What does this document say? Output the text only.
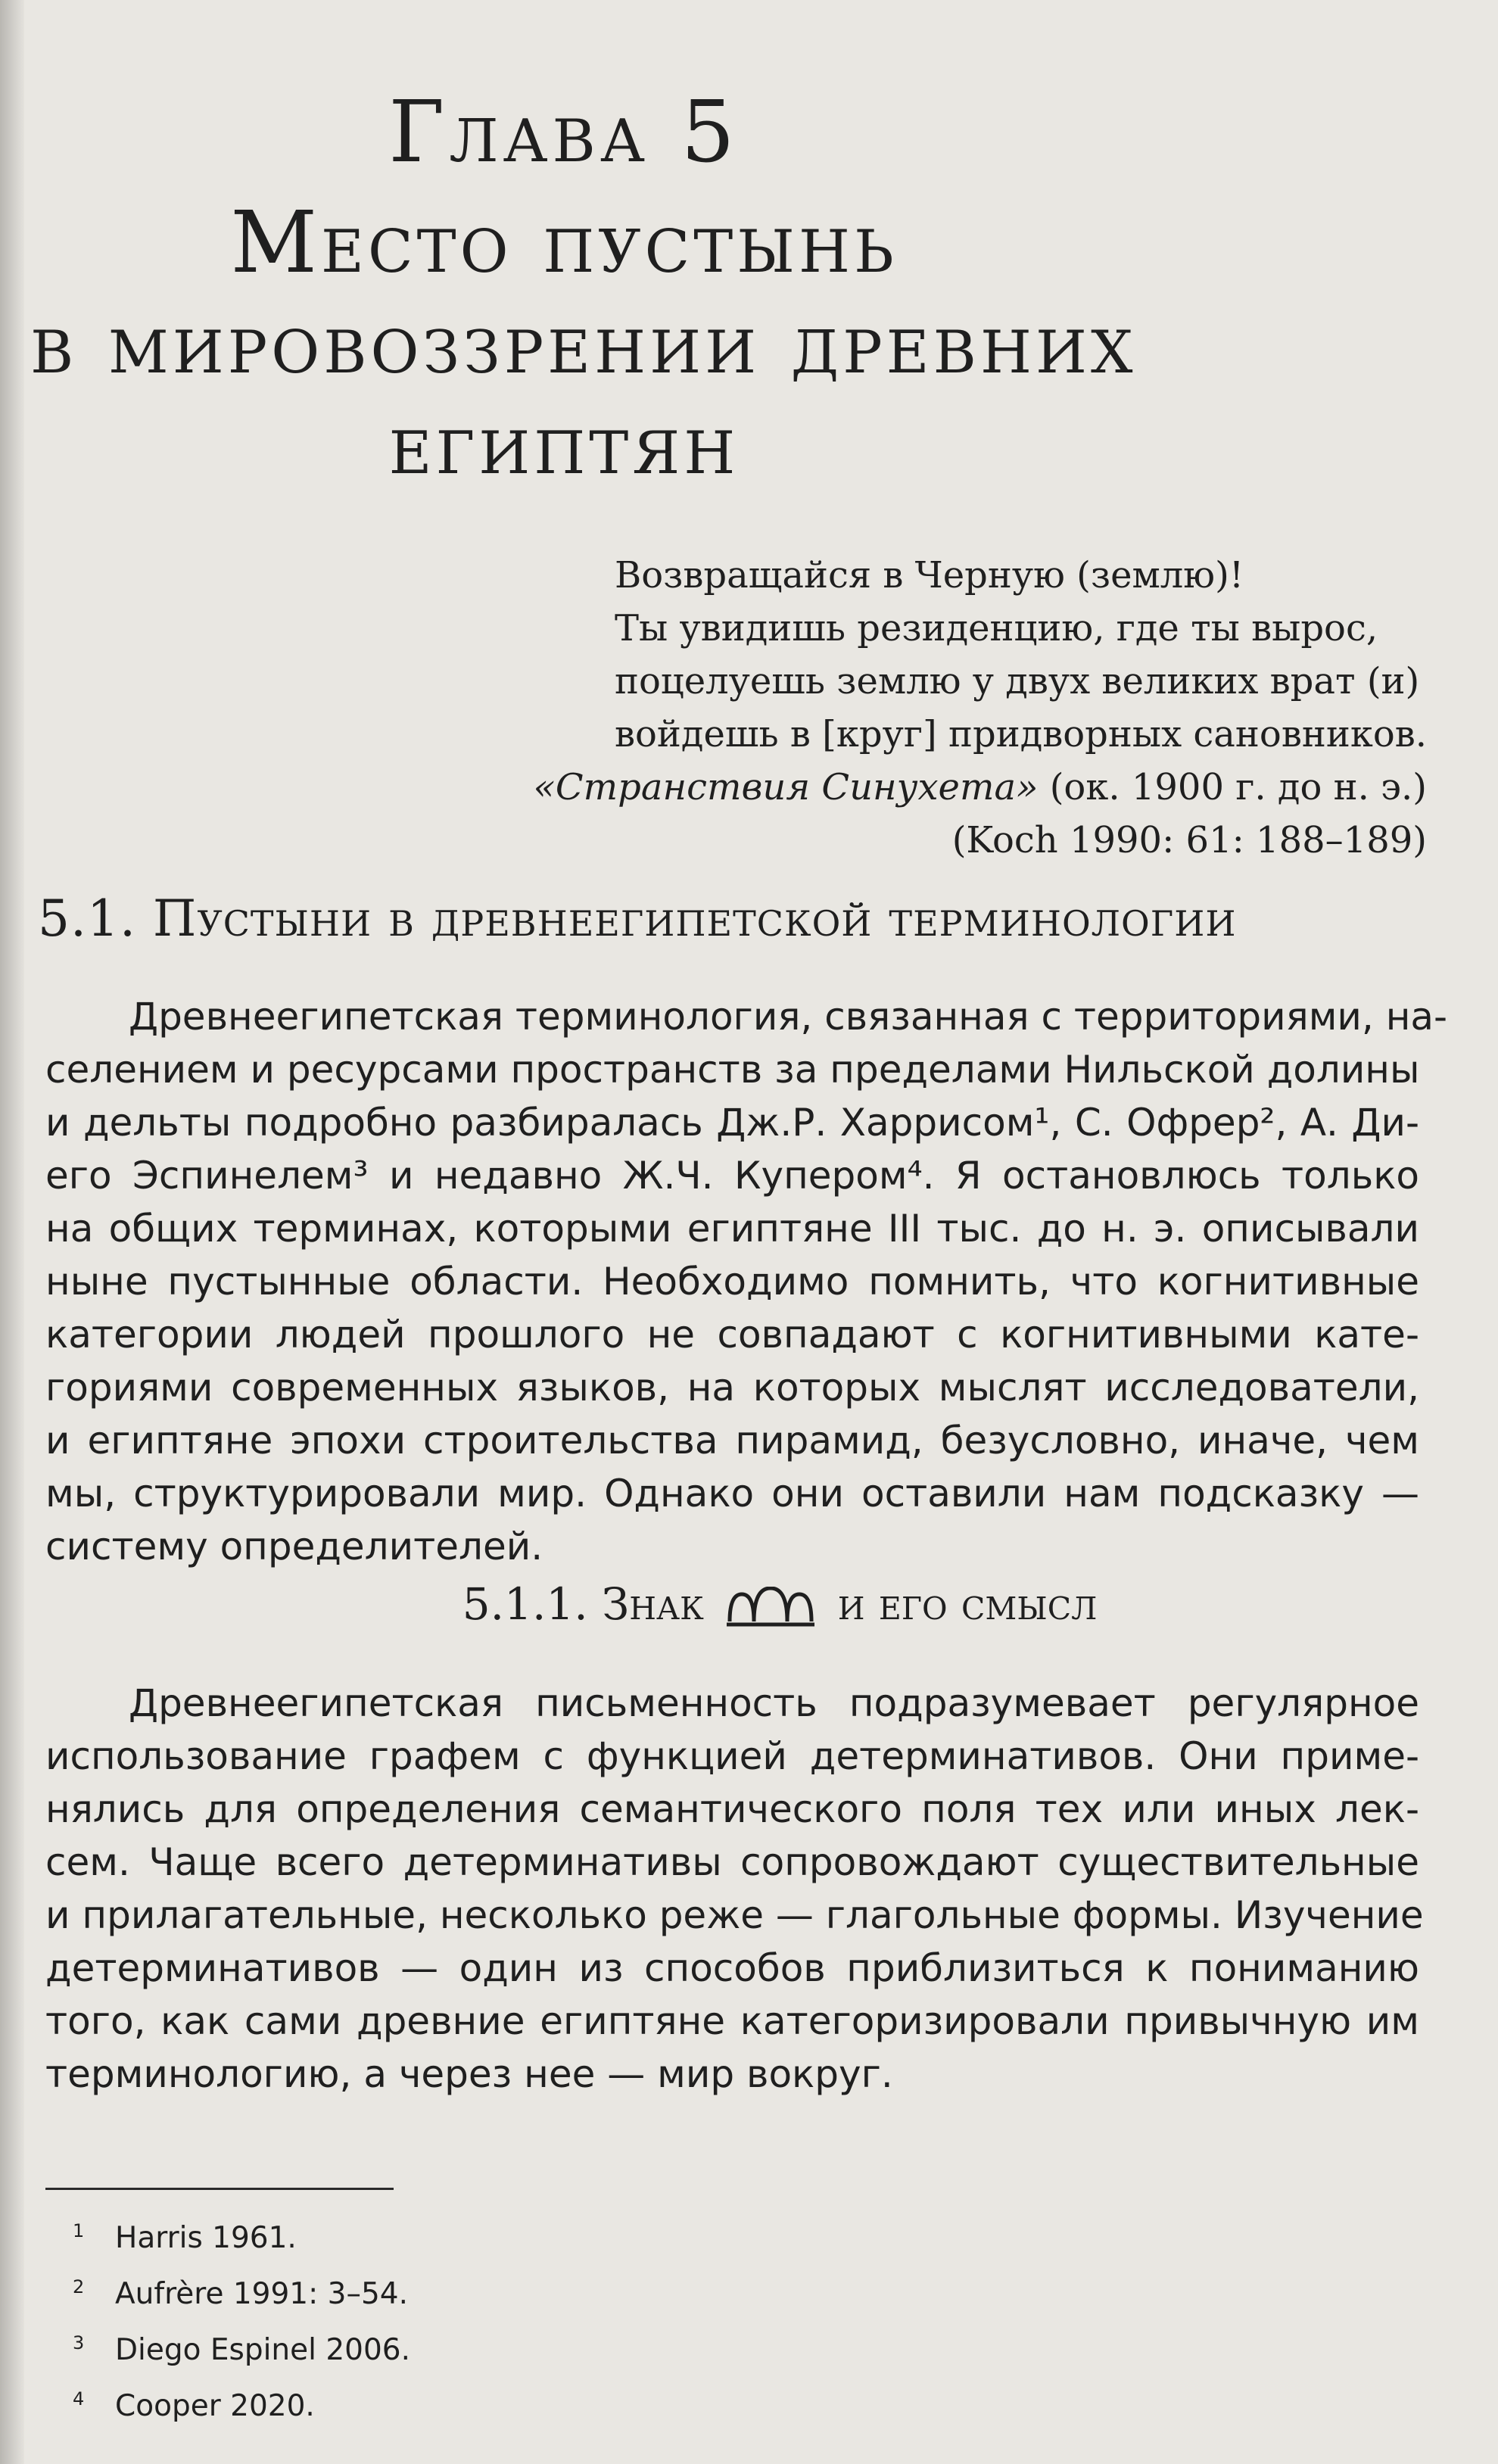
Глава 5
Место пустынь
в мировоззрении древних
египтян
Возвращайся в Черную (землю)!
Ты увидишь резиденцию, где ты вырос,
поцелуешь землю у двух великих врат (и)
войдешь в [круг] придворных сановников.
«Странствия Синухета» (ок. 1900 г. до н. э.)
(Koch 1990: 61: 188–189)
5.1. Пустыни в древнеегипетской терминологии
Древнеегипетская терминология, связанная с территориями, на-
селением и ресурсами пространств за пределами Нильской долины
и дельты подробно разбиралась Дж.Р. Харрисом¹, С. Офрер², А. Ди-
его Эспинелем³ и недавно Ж.Ч. Купером⁴. Я остановлюсь только
на общих терминах, которыми египтяне III тыс. до н. э. описывали
ныне пустынные области. Необходимо помнить, что когнитивные
категории людей прошлого не совпадают с когнитивными кате-
гориями современных языков, на которых мыслят исследователи,
и египтяне эпохи строительства пирамид, безусловно, иначе, чем
мы, структурировали мир. Однако они оставили нам подсказку —
систему определителей.
5.1.1. Знак	и его смысл
Древнеегипетская письменность подразумевает регулярное
использование графем с функцией детерминативов. Они приме-
нялись для определения семантического поля тех или иных лек-
сем. Чаще всего детерминативы сопровождают существительные
и прилагательные, несколько реже — глагольные формы. Изучение
детерминативов — один из способов приблизиться к пониманию
того, как сами древние египтяне категоризировали привычную им
терминологию, а через нее — мир вокруг.
1 Harris 1961.
2 Aufrère 1991: 3–54.
3 Diego Espinel 2006.
4 Cooper 2020.
